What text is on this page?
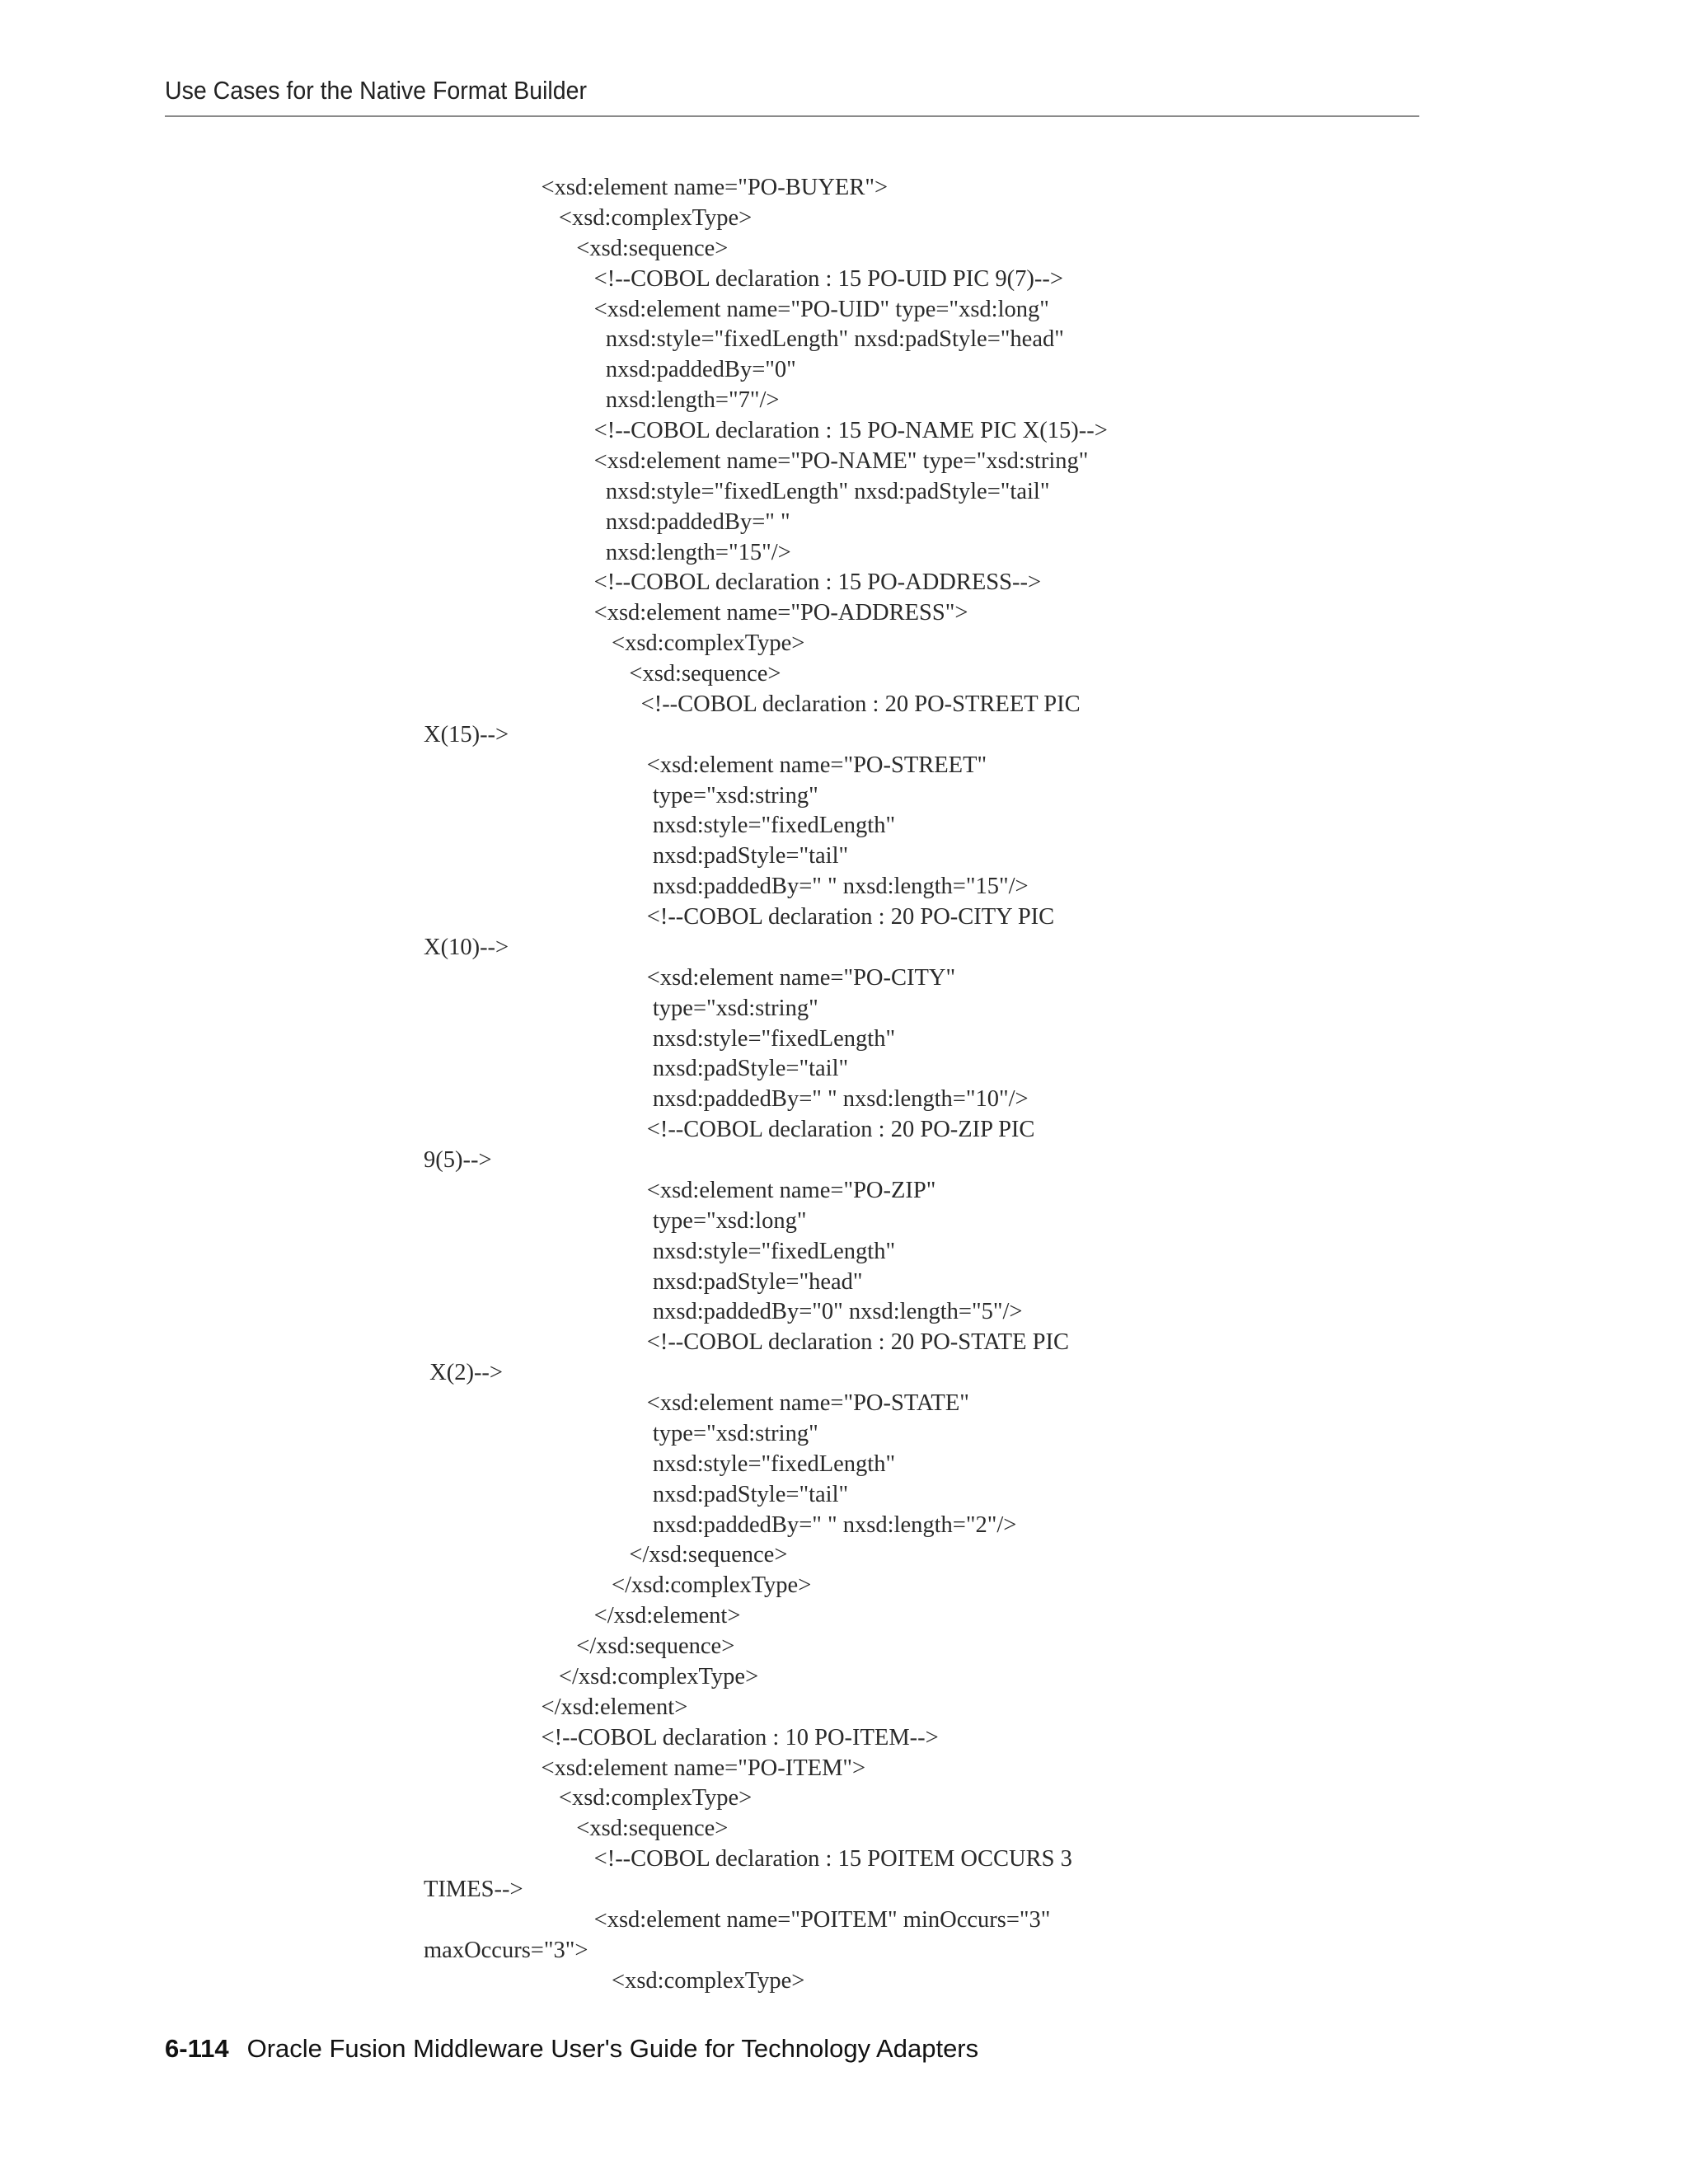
Use Cases for the Native Format Builder
<xsd:element name="PO-BUYER">
<xsd:complexType>
<xsd:sequence>
<!--COBOL declaration : 15 PO-UID PIC 9(7)-->
<xsd:element name="PO-UID" type="xsd:long"
nxsd:style="fixedLength" nxsd:padStyle="head"
nxsd:paddedBy="0"
nxsd:length="7"/>
<!--COBOL declaration : 15 PO-NAME PIC X(15)-->
<xsd:element name="PO-NAME" type="xsd:string"
nxsd:style="fixedLength" nxsd:padStyle="tail"
nxsd:paddedBy=" "
nxsd:length="15"/>
<!--COBOL declaration : 15 PO-ADDRESS-->
<xsd:element name="PO-ADDRESS">
<xsd:complexType>
<xsd:sequence>
<!--COBOL declaration : 20 PO-STREET PIC
X(15)-->
<xsd:element name="PO-STREET"
type="xsd:string"
nxsd:style="fixedLength"
nxsd:padStyle="tail"
nxsd:paddedBy=" " nxsd:length="15"/>
<!--COBOL declaration : 20 PO-CITY PIC
X(10)-->
<xsd:element name="PO-CITY"
type="xsd:string"
nxsd:style="fixedLength"
nxsd:padStyle="tail"
nxsd:paddedBy=" " nxsd:length="10"/>
<!--COBOL declaration : 20 PO-ZIP PIC
9(5)-->
<xsd:element name="PO-ZIP"
type="xsd:long"
nxsd:style="fixedLength"
nxsd:padStyle="head"
nxsd:paddedBy="0" nxsd:length="5"/>
<!--COBOL declaration : 20 PO-STATE PIC
X(2)-->
<xsd:element name="PO-STATE"
type="xsd:string"
nxsd:style="fixedLength"
nxsd:padStyle="tail"
nxsd:paddedBy=" " nxsd:length="2"/>
</xsd:sequence>
</xsd:complexType>
</xsd:element>
</xsd:sequence>
</xsd:complexType>
</xsd:element>
<!--COBOL declaration : 10 PO-ITEM-->
<xsd:element name="PO-ITEM">
<xsd:complexType>
<xsd:sequence>
<!--COBOL declaration : 15 POITEM OCCURS 3
TIMES-->
<xsd:element name="POITEM" minOccurs="3"
maxOccurs="3">
<xsd:complexType>
6-114 Oracle Fusion Middleware User's Guide for Technology Adapters
